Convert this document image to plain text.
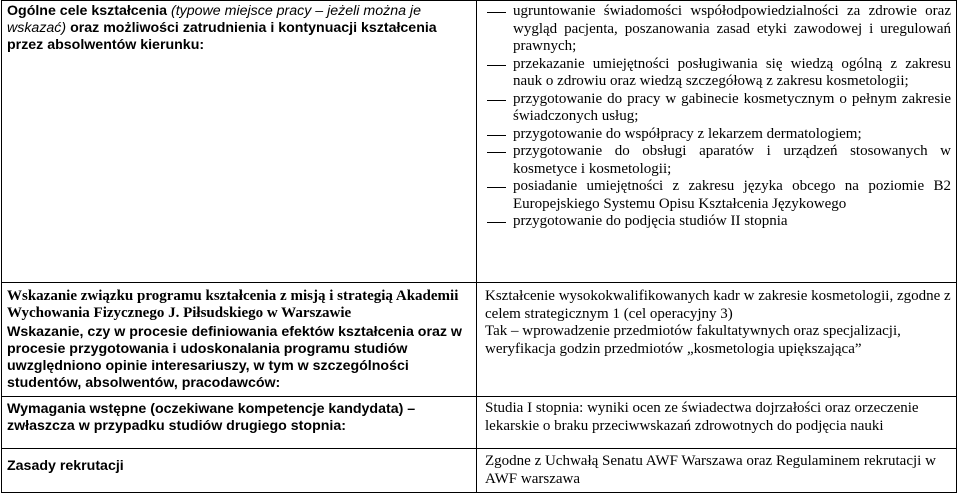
Ogólne cele kształcenia (typowe miejsce pracy – jeżeli można je wskazać) oraz możliwości zatrudnienia i kontynuacji kształcenia przez absolwentów kierunku:
ugruntowanie świadomości współodpowiedzialności za zdrowie oraz wygląd pacjenta, poszanowania zasad etyki zawodowej i uregulowań prawnych;
przekazanie umiejętności posługiwania się wiedzą ogólną z zakresu nauk o zdrowiu oraz wiedzą szczegółową z zakresu kosmetologii;
przygotowanie do pracy w gabinecie kosmetycznym o pełnym zakresie świadczonych usług;
przygotowanie do współpracy z lekarzem dermatologiem;
przygotowanie do obsługi aparatów i urządzeń stosowanych w kosmetyce i kosmetologii;
posiadanie umiejętności z zakresu języka obcego na poziomie B2 Europejskiego Systemu Opisu Kształcenia Językowego
przygotowanie do podjęcia studiów II stopnia
Wskazanie związku programu kształcenia z misją i strategią Akademii Wychowania Fizycznego J. Piłsudskiego w Warszawie
Wskazanie, czy w procesie definiowania efektów kształcenia oraz w procesie przygotowania i udoskonalania programu studiów uwzględniono opinie interesariuszy, w tym w szczególności studentów, absolwentów, pracodawców:
Kształcenie wysokokwalifikowanych kadr w zakresie kosmetologii, zgodne z celem strategicznym 1 (cel operacyjny 3)
Tak – wprowadzenie przedmiotów fakultatywnych oraz specjalizacji, weryfikacja godzin przedmiotów „kosmetologia upiększająca”
Wymagania wstępne (oczekiwane kompetencje kandydata) – zwłaszcza w przypadku studiów drugiego stopnia:
Studia I stopnia: wyniki ocen ze świadectwa dojrzałości oraz orzeczenie lekarskie o braku przeciwwskazań zdrowotnych do podjęcia nauki
Zasady rekrutacji	Zgodne z Uchwałą Senatu AWF Warszawa oraz Regulaminem rekrutacji w AWF warszawa
